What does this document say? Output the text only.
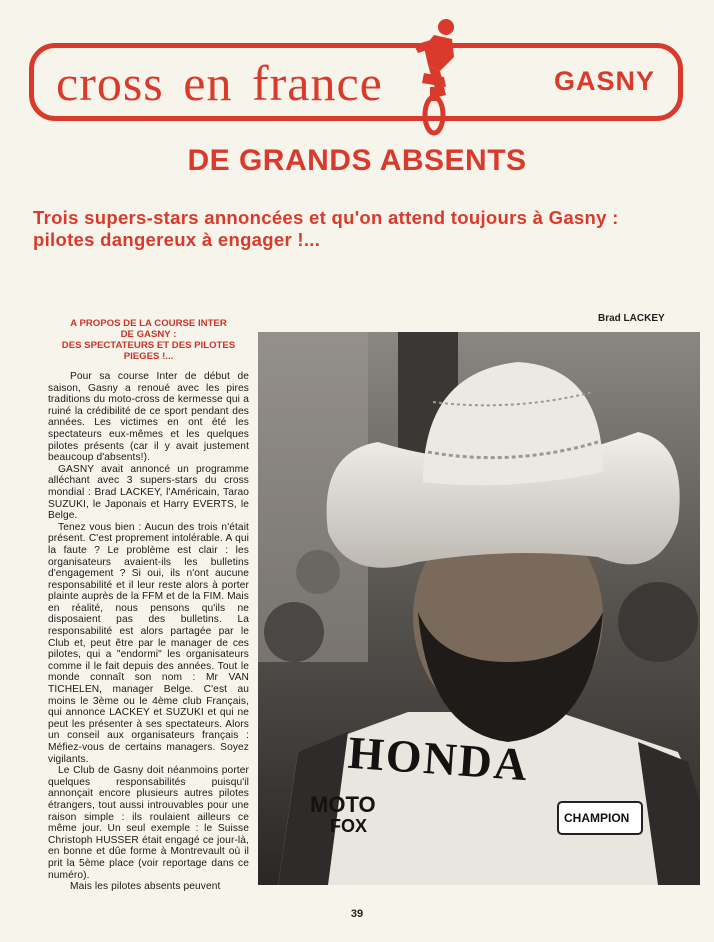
cross en france	GASNY
DE GRANDS ABSENTS
Trois supers-stars annoncées et qu'on attend toujours à Gasny : pilotes dangereux à engager !...
Brad LACKEY
A PROPOS DE LA COURSE INTER
DE GASNY :
DES SPECTATEURS ET DES PILOTES
PIEGES !...

Pour sa course Inter de début de saison, Gasny a renoué avec les pires traditions du moto-cross de kermesse qui a ruiné la crédibilité de ce sport pendant des années. Les victimes en ont été les spectateurs eux-mêmes et les quelques pilotes présents (car il y avait justement beaucoup d'absents!).

GASNY avait annoncé un programme alléchant avec 3 supers-stars du cross mondial : Brad LACKEY, l'Américain, Tarao SUZUKI, le Japonais et Harry EVERTS, le Belge.

Tenez vous bien : Aucun des trois n'était présent. C'est proprement intolérable. A qui la faute ? Le problème est clair : les organisateurs avaient-ils les bulletins d'engagement ? Si oui, ils n'ont aucune responsabilité et il leur reste alors à porter plainte auprès de la FFM et de la FIM. Mais en réalité, nous pensons qu'ils ne disposaient pas des bulletins. La responsabilité est alors partagée par le Club et, peut être par le manager de ces pilotes, qui a "endormi" les organisateurs comme il le fait depuis des années. Tout le monde connaît son nom : Mr VAN TICHELEN, manager Belge. C'est au moins le 3ème ou le 4ème club Français, qui annonce LACKEY et SUZUKI et qui ne peut les présenter à ses spectateurs. Alors un conseil aux organisateurs français : Méfiez-vous de certains managers. Soyez vigilants.

Le Club de Gasny doit néanmoins porter quelques responsabilités puisqu'il annonçait encore plusieurs autres pilotes étrangers, tout aussi introuvables pour une raison simple : ils roulaient ailleurs ce même jour. Un seul exemple : le Suisse Christoph HUSSER était engagé ce jour-là, en bonne et dûe forme à Montrevault où il prit la 5ème place (voir reportage dans ce numéro).

Mais les pilotes absents peuvent

HONDA
MOTO
FOX	CHAMPION
39
